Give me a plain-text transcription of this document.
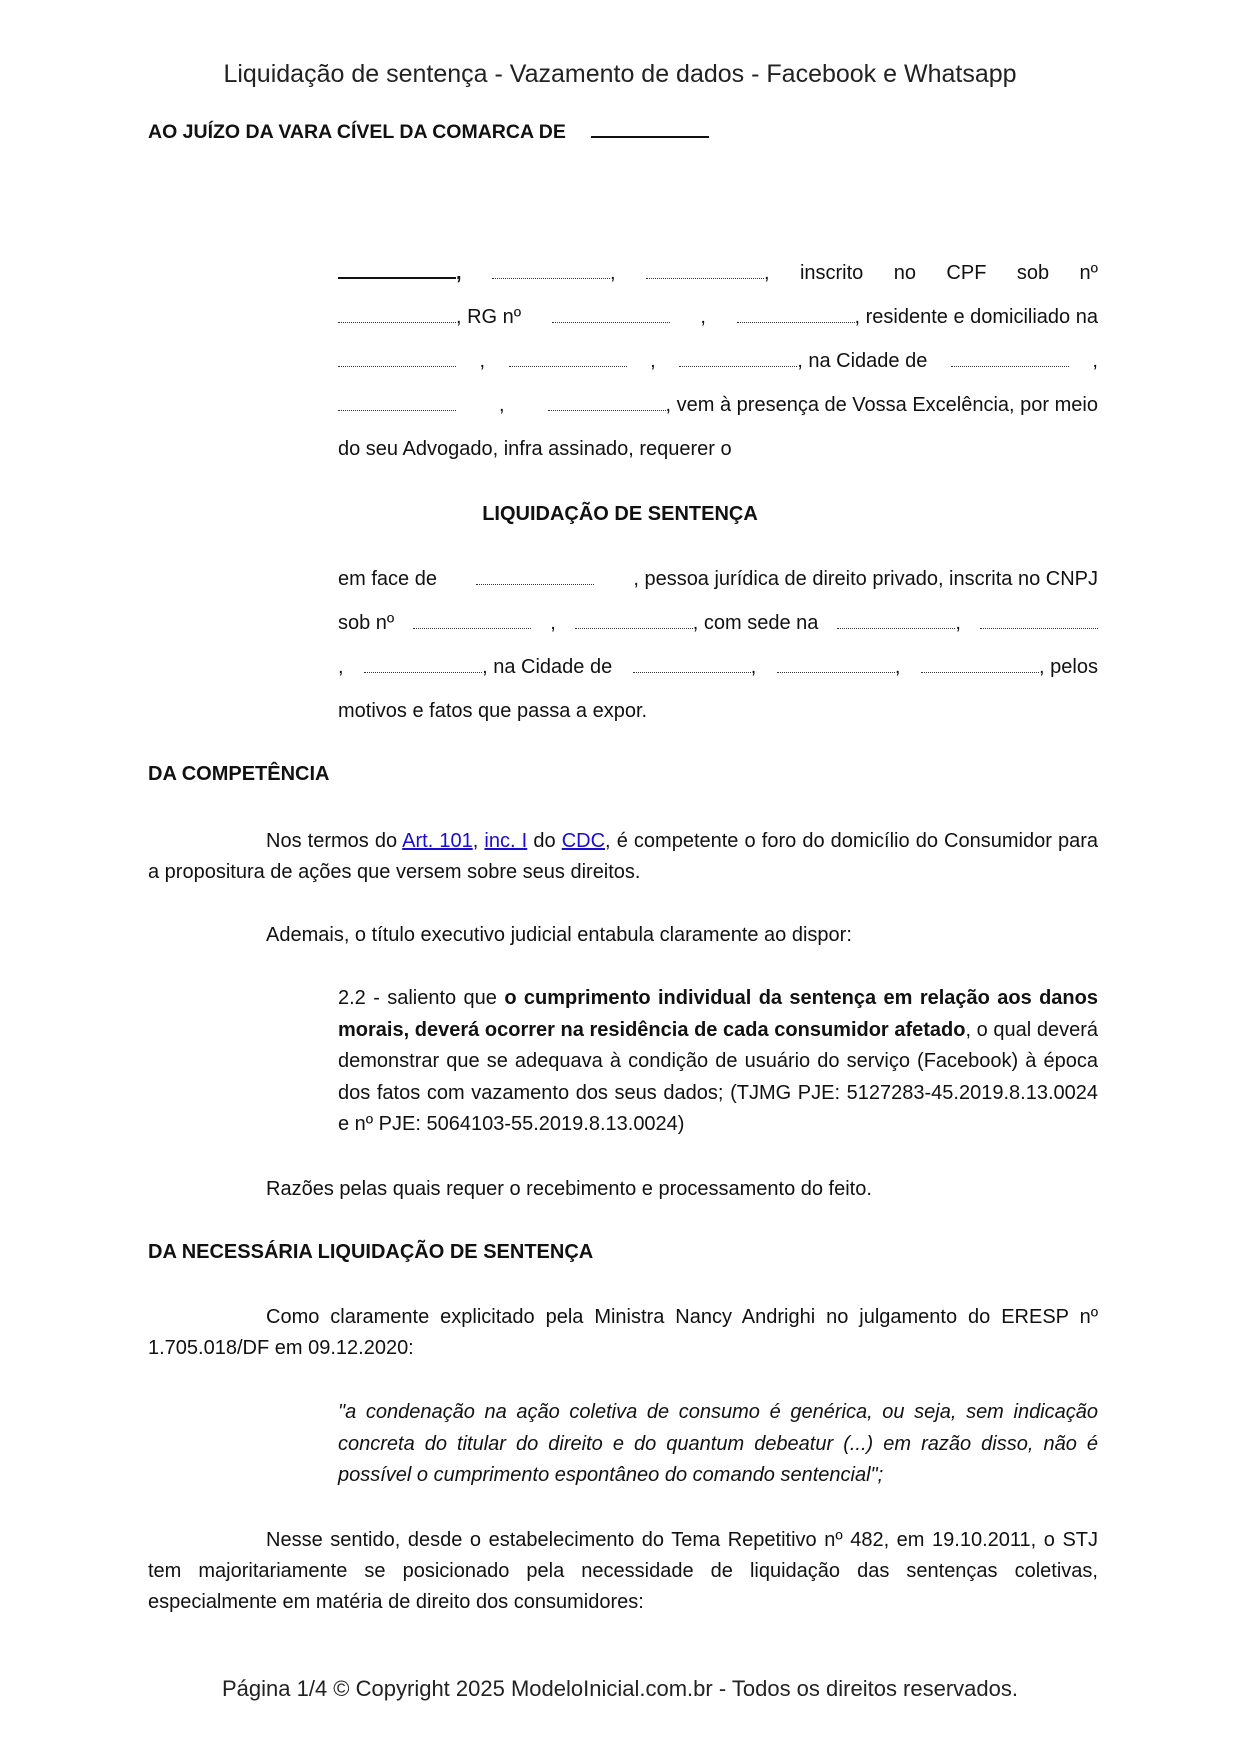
Liquidação de sentença - Vazamento de dados - Facebook e Whatsapp
AO JUÍZO DA VARA CÍVEL DA COMARCA DE
,	,	, inscrito no CPF sob nº
, RG nº	,	, residente e domiciliado na
,	,	, na Cidade de	,
,	, vem à presença de Vossa Excelência, por meio
do seu Advogado, infra assinado, requerer o
LIQUIDAÇÃO DE SENTENÇA
em face de	, pessoa jurídica de direito privado, inscrita no CNPJ
sob nº	,	, com sede na	,
,	, na Cidade de	,	,	, pelos
motivos e fatos que passa a expor.
DA COMPETÊNCIA
Nos termos do Art. 101, inc. I do CDC, é competente o foro do domicílio do Consumidor para a propositura de ações que versem sobre seus direitos.
Ademais, o título executivo judicial entabula claramente ao dispor:
2.2 - saliento que o cumprimento individual da sentença em relação aos danos morais, deverá ocorrer na residência de cada consumidor afetado, o qual deverá demonstrar que se adequava à condição de usuário do serviço (Facebook) à época dos fatos com vazamento dos seus dados; (TJMG PJE: 5127283-45.2019.8.13.0024 e nº PJE: 5064103-55.2019.8.13.0024)
Razões pelas quais requer o recebimento e processamento do feito.
DA NECESSÁRIA LIQUIDAÇÃO DE SENTENÇA
Como claramente explicitado pela Ministra Nancy Andrighi no julgamento do ERESP nº 1.705.018/DF em 09.12.2020:
"a condenação na ação coletiva de consumo é genérica, ou seja, sem indicação concreta do titular do direito e do quantum debeatur (...) em razão disso, não é possível o cumprimento espontâneo do comando sentencial";
Nesse sentido, desde o estabelecimento do Tema Repetitivo nº 482, em 19.10.2011, o STJ tem majoritariamente se posicionado pela necessidade de liquidação das sentenças coletivas, especialmente em matéria de direito dos consumidores:
Página 1/4 © Copyright 2025 ModeloInicial.com.br - Todos os direitos reservados.
